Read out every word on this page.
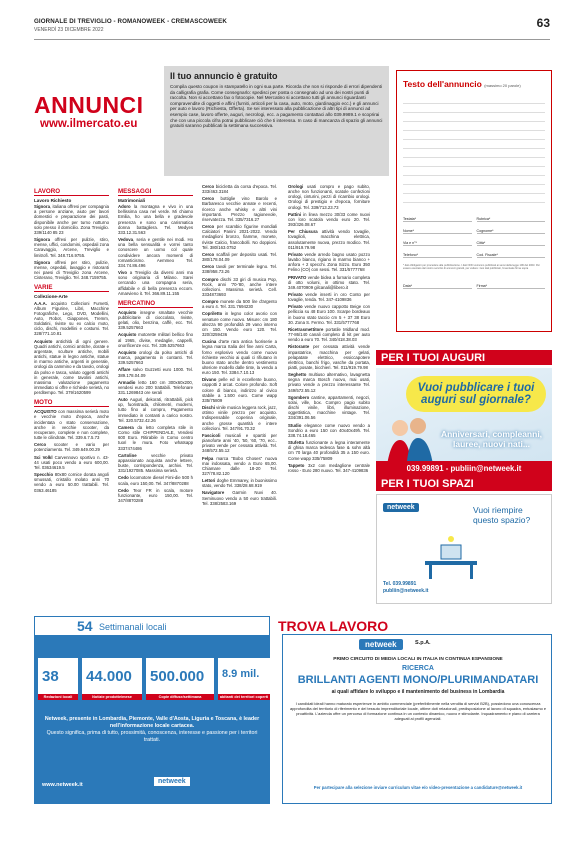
GIORNALE DI TREVIGLIO - ROMANOWEEK - CREMASCOWEEK
VENERDÌ 23 DICEMBRE 2022	63
ANNUNCI
www.ilmercato.eu
Il tuo annuncio è gratuito

Compila questo coupon in stampatello in ogni sua parte. Ricorda che non si risponde di errori dipendenti da calligrafia grafia. Come consegnarlo: spedisci per posta o consegnalo ad uno dei nostri punti di raccolta. Non si accettano fax o fotocopie. Nel Mercatino si accettano tutti gli annunci riguardanti compravendite di oggetti e affini (furniti, articoli per la casa, auto, moto, giardinaggio ecc.) e gli annunci per auto e lavoro (Richiesta, Offerta). Se sei interessato alla pubblicazione di altri tipi di annunci ad esempio case, lavoro offerte, auguri, necrologi, ecc. a pagamento contattaci allo 039.9989.1 e scoprirai che con una piccola cifra potrai pubblicare ciò che ti interessa. In caso di mancanza di spazio gli annunci gratuiti saranno pubblicati la settimana successiva.

Testo dell'annuncio (massimo 20 parole)
Testata*	Rubrica*
Nome*	Cognome*
Via e n°*	Città*
Telefono*	Cod. Fiscale*
* dati obbligatori per procedere alla pubblicazione. I dati NON verranno pubblicati ai sensi della legge 196 del 2003. Per essere esentato dal nostro servizio di annunci gratuiti, per vedere i tuoi dati pubblicati, l'eventuale firma sopra
Data*	Firma*
LAVORO
Lavoro Richiesto
Signora, italiana offresi per compagnia a persone anziane, aiuto per lavori domestici e preparazione dei pasti, disponibile anche per turno notturno solo presso il domicilio. Zona Treviglio. 339/1140 85 23
Signora offresi per pulizie, stiro, mense, uffici, condomini, ospedali zona Caravaggio, Arcene, Treviglio e limitrofi. Tel. 348.716.9755.
Signora offresi per stiro, pulizie, mense, ospedali, lavaggio e ristoranti nei paesi di Treviglio zona Arcene, Cisterano, Treviglio. Tel. 348.7159755.
VARIE
Collezione-Arte
A.A.A. acquisto Collezioni Fumetti, Album Figurine, Libri, Macchine Fotografiche, Lego, DVD, Modellini, Auto, Robot, Giappones, Tremm, Soldatini, riviste su ex calcio moto, ciclo, dischi, modellini e costumi. Tel. 328/771.10.81
Acquisto antichità di ogni genere. Quadri antichi, cornici antiche, dorate e argentate, sculture antiche, mobili antichi, statue in legno antiche, statue in marmo antiche, argenti in generale, orologi da cammino e da tavolo, orologi da polso e tasca, valuto oggetti antichi in generale, come tavolini antichi, massima valutazione pagamento immediato si offre e richiede serietà, no perditempo. Tel. 379/1620599
MOTO
ACQUISTO con massima serietà moto e vecchie moto d'epoca, anche incidentata o stato conservazione, anche in vecchie scooter, da recuperare, complete e non complete, tutte le cilindrate. Tel. 339.6.7.5.73
Cerco scooter e vario per potenziamento. Tel. 349.649.00.29
Sci Volkl Carvennovo sportivo n. 43-44 usati poco vendo a euro 600,00. Tel. 03634619.5
Specchio 80x80 cornice dorata angoli smussati, cristallo molato anni 70 vendo a euro 50.00 trattabili. Tel. 0363.46185
MESSAGGI
Matrimoniali
Adoro la montagna e vivo in una bellissima casa nel verde. Mi chiamo Emilia, ho una bella e gradevole presenza e sono una carismatica donna battagliera. Tel. Medyes 333.12.31.563
Vedova, seria e gentile nei modi. Ho una bella sensualità e vorrei tanto conoscere un uomo col quale condividere ancora momenti di romanticismo. Aemmeo Tel. 334.74.86.496
Vivo a Treviglio da diversi anni ma sono originaria di Milano. Sarei cercando una compagna seria, affidabile e di bella presenza eccom. Amarvieno it. Tel. 366.89.11.155
MERCATINO
Acquisto insegne smaltate vecchie pubblicitarie di cioccolato, riviste, gelati, olio, benzina, caffè, ecc. Tel. 339.5257663
Acquisto motorette militari bellico fino al 1965, divise, medaglie, cappelli, onorificenze ecc. Tel. 339.5257663
Acquisto orologi da polso antichi di marca, pagamento in contanti. Tel. 339.5257663
Affare salvo Guzzetti euro 1000. Tel. 389.178.04.09
Armadio letto 160 cm 300x60x200, vendesi euro 200 trattabili. Telefonare 331.1269843 ore serali
Auto Auguri, dekorati, ritrattabili, pick up, fuoristrada, chilometri, moderni, tutto fino al compro, Pagamento immediato in contanti a carico nostro. Tel. 320.5732.42.26
Camera da letto completa stile in Como stile CHIPPENDALE, Vendesi 600 Euro. Ritirabile in Como centro tuori le mura. Foto whatsapp 3337474486
Cartoline vecchie privato appassionato acquista anche lettere, buste, corrispondenza, archivi. Tel. 331/1927085. Massima serietà.
Cedo locomotore diesel Fimi-die 500 h scala, euro 150,00. Tel. 347/8870288
Cedo Teor FR in scala, motore funzionante, euro 150,00. Tel. 347/8870288
Cerco bicicletta da corsa d'epoca. Tel. 333/463.3184
Cerco bottiglie vino Barolo e Barbaresco vecchie annate e recenti, ricerco anche whisky e altri vini importanti. Prezzo ragionevole, riservatezza. Tel. 335/7316.27
Cerco per scambio figurine mondiali Calciatori Panini 2021-2022. Vendo medaglioni bronzo, fiamme, monete, riviste Calcio, francobolli. No doppioni. Tel. 380/163.0752
Cerco scaffali per deposito usati. Tel. 380/178.04.09
Cerco tavoli per terminale legno. Tel. 338/958.73.26
Compro dischi 33 giri di musica Pop, Rock, anni '70-'80, anche intere collezioni. Massima serietà. Cell. 3334873693
Compro monete da 500 lire d'argento a euro 4. Tel. 331.7694230
Copriletto in legno color avorio con venature come nuovo. Misure: cm 180 altezza 90 profondità 29 vano interno cm 150. Vendo euro 120. Tel. 320/3259436
Cucina d'arte rara antica fuoriserie a legna marca Italia del fine anni Carta, forno esplosivo vendo come nuovo richieste vecchio ai quali ci rifiutano in buono stato anche dentro vestimento ulteriore modello dalle tinte, la vendo a euro 150. Tel. 3384.7.10.13
Divano pelle ed in eccellente buono, cappotti 2 arcat. Colore profondo. Soft colore di bianco, indirizzo al civico stabile a 1.500 euro. Come wapp 335/75809
Dischi vinile musica leggera rock, jazz, ottimo vinile prezzo per acquisto. Indispensabile coperina originale, anche grosse quantità e intere collezioni. Tel. 347/91.70.32
Fascicoli musicali e spartiti per pianoforte anni '40, '50, '60, '70, ecc.. privato vende per cessata attività. Tel. 348/572.55.12
Felpa marca "Bobo Choses" nuova mai indossata, vendo a Euro 65,00. Chiamare dalle 18-20 Tel. 327/78.82.120
Lettori doghe Emmarey, in buonissimo stato, vendo Tel. 338/28.68.919
Navigatore Garmin Nuvi 40. Seminuovo vendo a 50 euro trattabili. Tel. 338/2583.169
Orologi usati compro e pago subito, anche non funzionanti, scatole confezioni orologi, cinturini, pezzi di ricambio orologi. Orologi di prestigio e d'epoca, forniture orologi. Tel. 339/713.23.73
Pattini in linea mezzo 30/33 come nuovi con loro scatola vendo euro 20. Tel. 393/326.08.67
Per Chiusura attività vendo tovaglie, tovaglioli, macchina elettrica, assolutamente nuova, prezzo modico. Tel. 011/919.79.98
Privato vende arredo bagno usato pozzo lavabo bianco, rigiano in marmo bianco + anfora + 2 specchi. Zona Sizzo. Euro 350 Felino (CO) con sessi. Tel. 331/5777768
PRIVATO vende bidea a furnario completa di otto volumi, in ottimo stato. Tel. 349.4070909 gilcanali@libero.it
Privato vende inserti in oro Conto per tovaglie, tenda. Tel. 347-4109836
Privato vende nuovo cappotto Beige con pelliccia su 48 Euro 100. Scarpe bordeaux in buono stato taccio cm 5 + 37 38 Euro 30. Zona S. Fermo. Tel. 331/5777768
Ricetrasmettitore portatile Midland mod. 77-86/140 canali completo di kit per auto vendo a euro 70. Tel. 340/418.38.03
Ristorante per cessata attività vende impastatrice, macchina per gelati, pelapatate elettrico, essiccapotere elettrico, banchi frigo, vasche da portata, piatti, posate, bicchieri. Tel. 011/919.79.98
Seghetto multiuso alternativo, lavagnetta segna marca Bosch nuovo, mai usati, privato vende a prezzo interessante Tel. 349/572.55.12
Sgombero cantine, appartamenti, negozi, solai, ville, box. Compro pagio subito dischi vinile, libri, illuminazione, oggettistica, macchine vintage. Tel. 334/391.06.56
Studio elegance come nuovo vendo a Sondrio a euro 150 con 40x40x49h. Tel. 338.74.18.465
Stufetta funzionante a legna interamente di ghisa marca tedesca fase & sohn altà cm 70 larga 40 profondità 35 a 150 euro. Come wapp 335/75809
Tappeto 3x2 con medaglione centrale rosso - Euro 280 nuovo. Tel. 347-4109836
PER I TUOI AUGURI
Vuoi pubblicare i tuoi auguri sul giornale?
Anniversari, compleanni, lauree, nuovi nati...
039.99891 - publiin@netweek.it
PER I TUOI SPAZI
netweek	Vuoi riempire questo spazio?
Tel. 039.99891
publiin@netweek.it
54 Settimanali locali
38
Redazioni locali
44.000
Notizie prodotte/mese
500.000
Copie diffuse/settimana
8.9 mil.
abitanti dei territori coperti
Netweek, presente in Lombardia, Piemonte, Valle d'Aosta, Liguria e Toscana, è leader nell'informazione locale cartacea.
Questo significa, prima di tutto, prossimità, conoscenza, interesse e passione per i territori trattati.
www.netweek.it	netweek
TROVA LAVORO
netweek	S.p.A.
PRIMO CIRCUITO DI MEDIA LOCALI IN ITALIA IN CONTINUA ESPANSIONE
RICERCA
BRILLANTI AGENTI MONO/PLURIMANDATARI
ai quali affidare lo sviluppo e il mantenimento del business in Lombardia
I candidati ideali hanno maturato esperienze in ambito commerciale (preferibilmente nella vendita di servizi B2B), possiedono una conoscenza approfondita del territorio di riferimento e del tessuto imprenditoriale locale, ottime doti relazionali, predisposizione al lavoro di squadra, entusiasmo e proattività. L'azienda offre un percorso di formazione continua in un contesto dinamico, nuovo e stimolante. Inquadramento e piano di carriera adeguati ai profili agenziali.
Per partecipare alla selezione inviare curriculum vitae e/o video-presentazione a candidature@netweek.it
